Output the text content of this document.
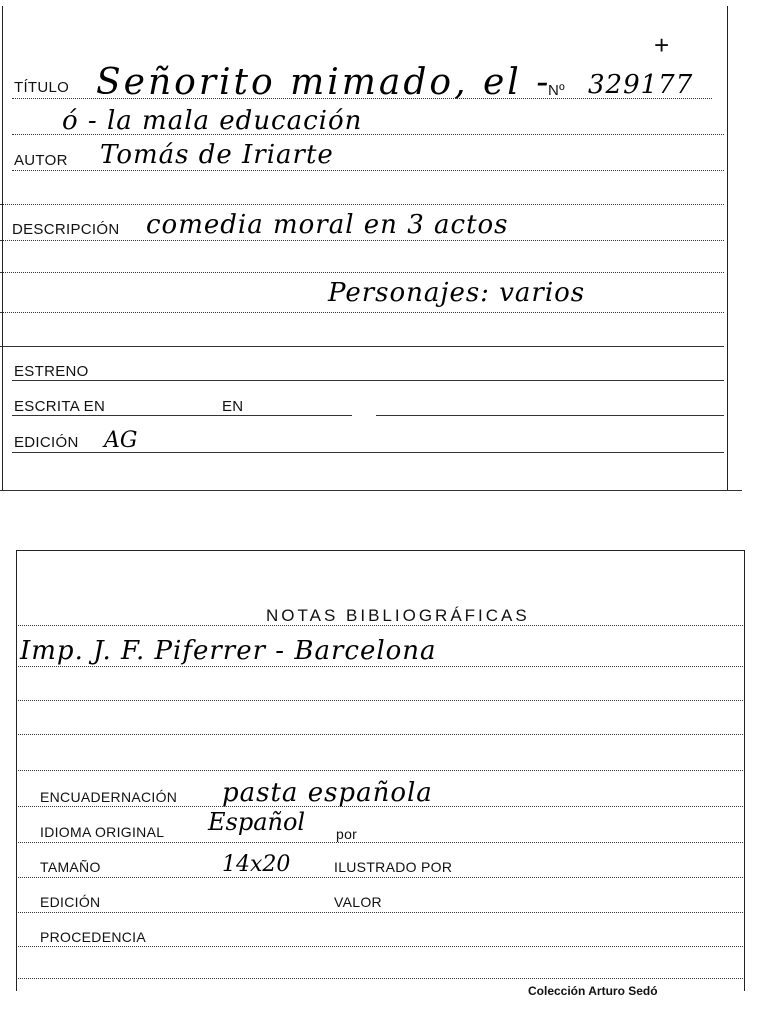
+
TÍTULO Señorito mimado, el -
Nº 329177
ó - la mala educación
AUTOR Tomás de Iriarte
DESCRIPCIÓN comedia moral en 3 actos
Personajes: varios
ESTRENO
ESCRITA EN	EN
EDICIÓN AG
NOTAS BIBLIOGRÁFICAS
Imp. J. F. Piferrer - Barcelona
ENCUADERNACIÓN pasta española
IDIOMA ORIGINAL Español por
TAMAÑO	14x20	ILUSTRADO POR
EDICIÓN	VALOR
PROCEDENCIA
Colección Arturo Sedó
